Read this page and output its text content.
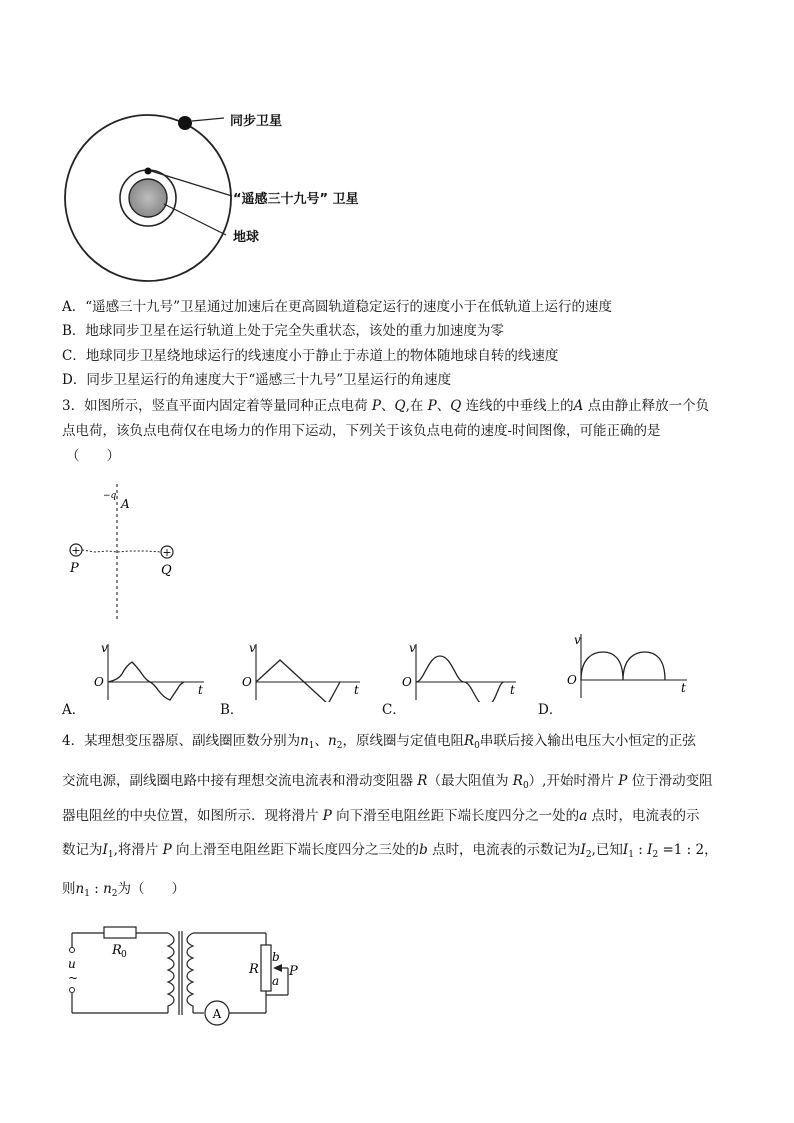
同步卫星
“遥感三十九号” 卫星
地球
A．“遥感三十九号”卫星通过加速后在更高圆轨道稳定运行的速度小于在低轨道上运行的速度
B．地球同步卫星在运行轨道上处于完全失重状态，该处的重力加速度为零
C．地球同步卫星绕地球运行的线速度小于静止于赤道上的物体随地球自转的线速度
D．同步卫星运行的角速度大于“遥感三十九号”卫星运行的角速度
3．如图所示，竖直平面内固定着等量同种正点电荷 P、Q,在 P、Q 连线的中垂线上的A 点由静止释放一个负
点电荷，该负点电荷仅在电场力的作用下运动，下列关于该负点电荷的速度-时间图像，可能正确的是
（　　）
+	+
−q
A
P	Q
v
O
t
v
O
t
v
O
t
v
O
t
A．	B．	C．	D．
4．某理想变压器原、副线圈匝数分别为$n_1$、$n_2$，原线圈与定值电阻$R_0$串联后接入输出电压大小恒定的正弦
交流电源，副线圈电路中接有理想交流电流表和滑动变阻器 R（最大阻值为 $R_0$）,开始时滑片 P 位于滑动变阻
器电阻丝的中央位置，如图所示．现将滑片 P 向下滑至电阻丝距下端长度四分之一处的a 点时，电流表的示
数记为$I_1$,将滑片 P 向上滑至电阻丝距下端长度四分之三处的b 点时，电流表的示数记为$I_2$,已知$I_1$ : $I_2 =1$ : 2，
则$n_1$ : $n_2$为（　　）
R 0
u
~
R
b
a
P
A
